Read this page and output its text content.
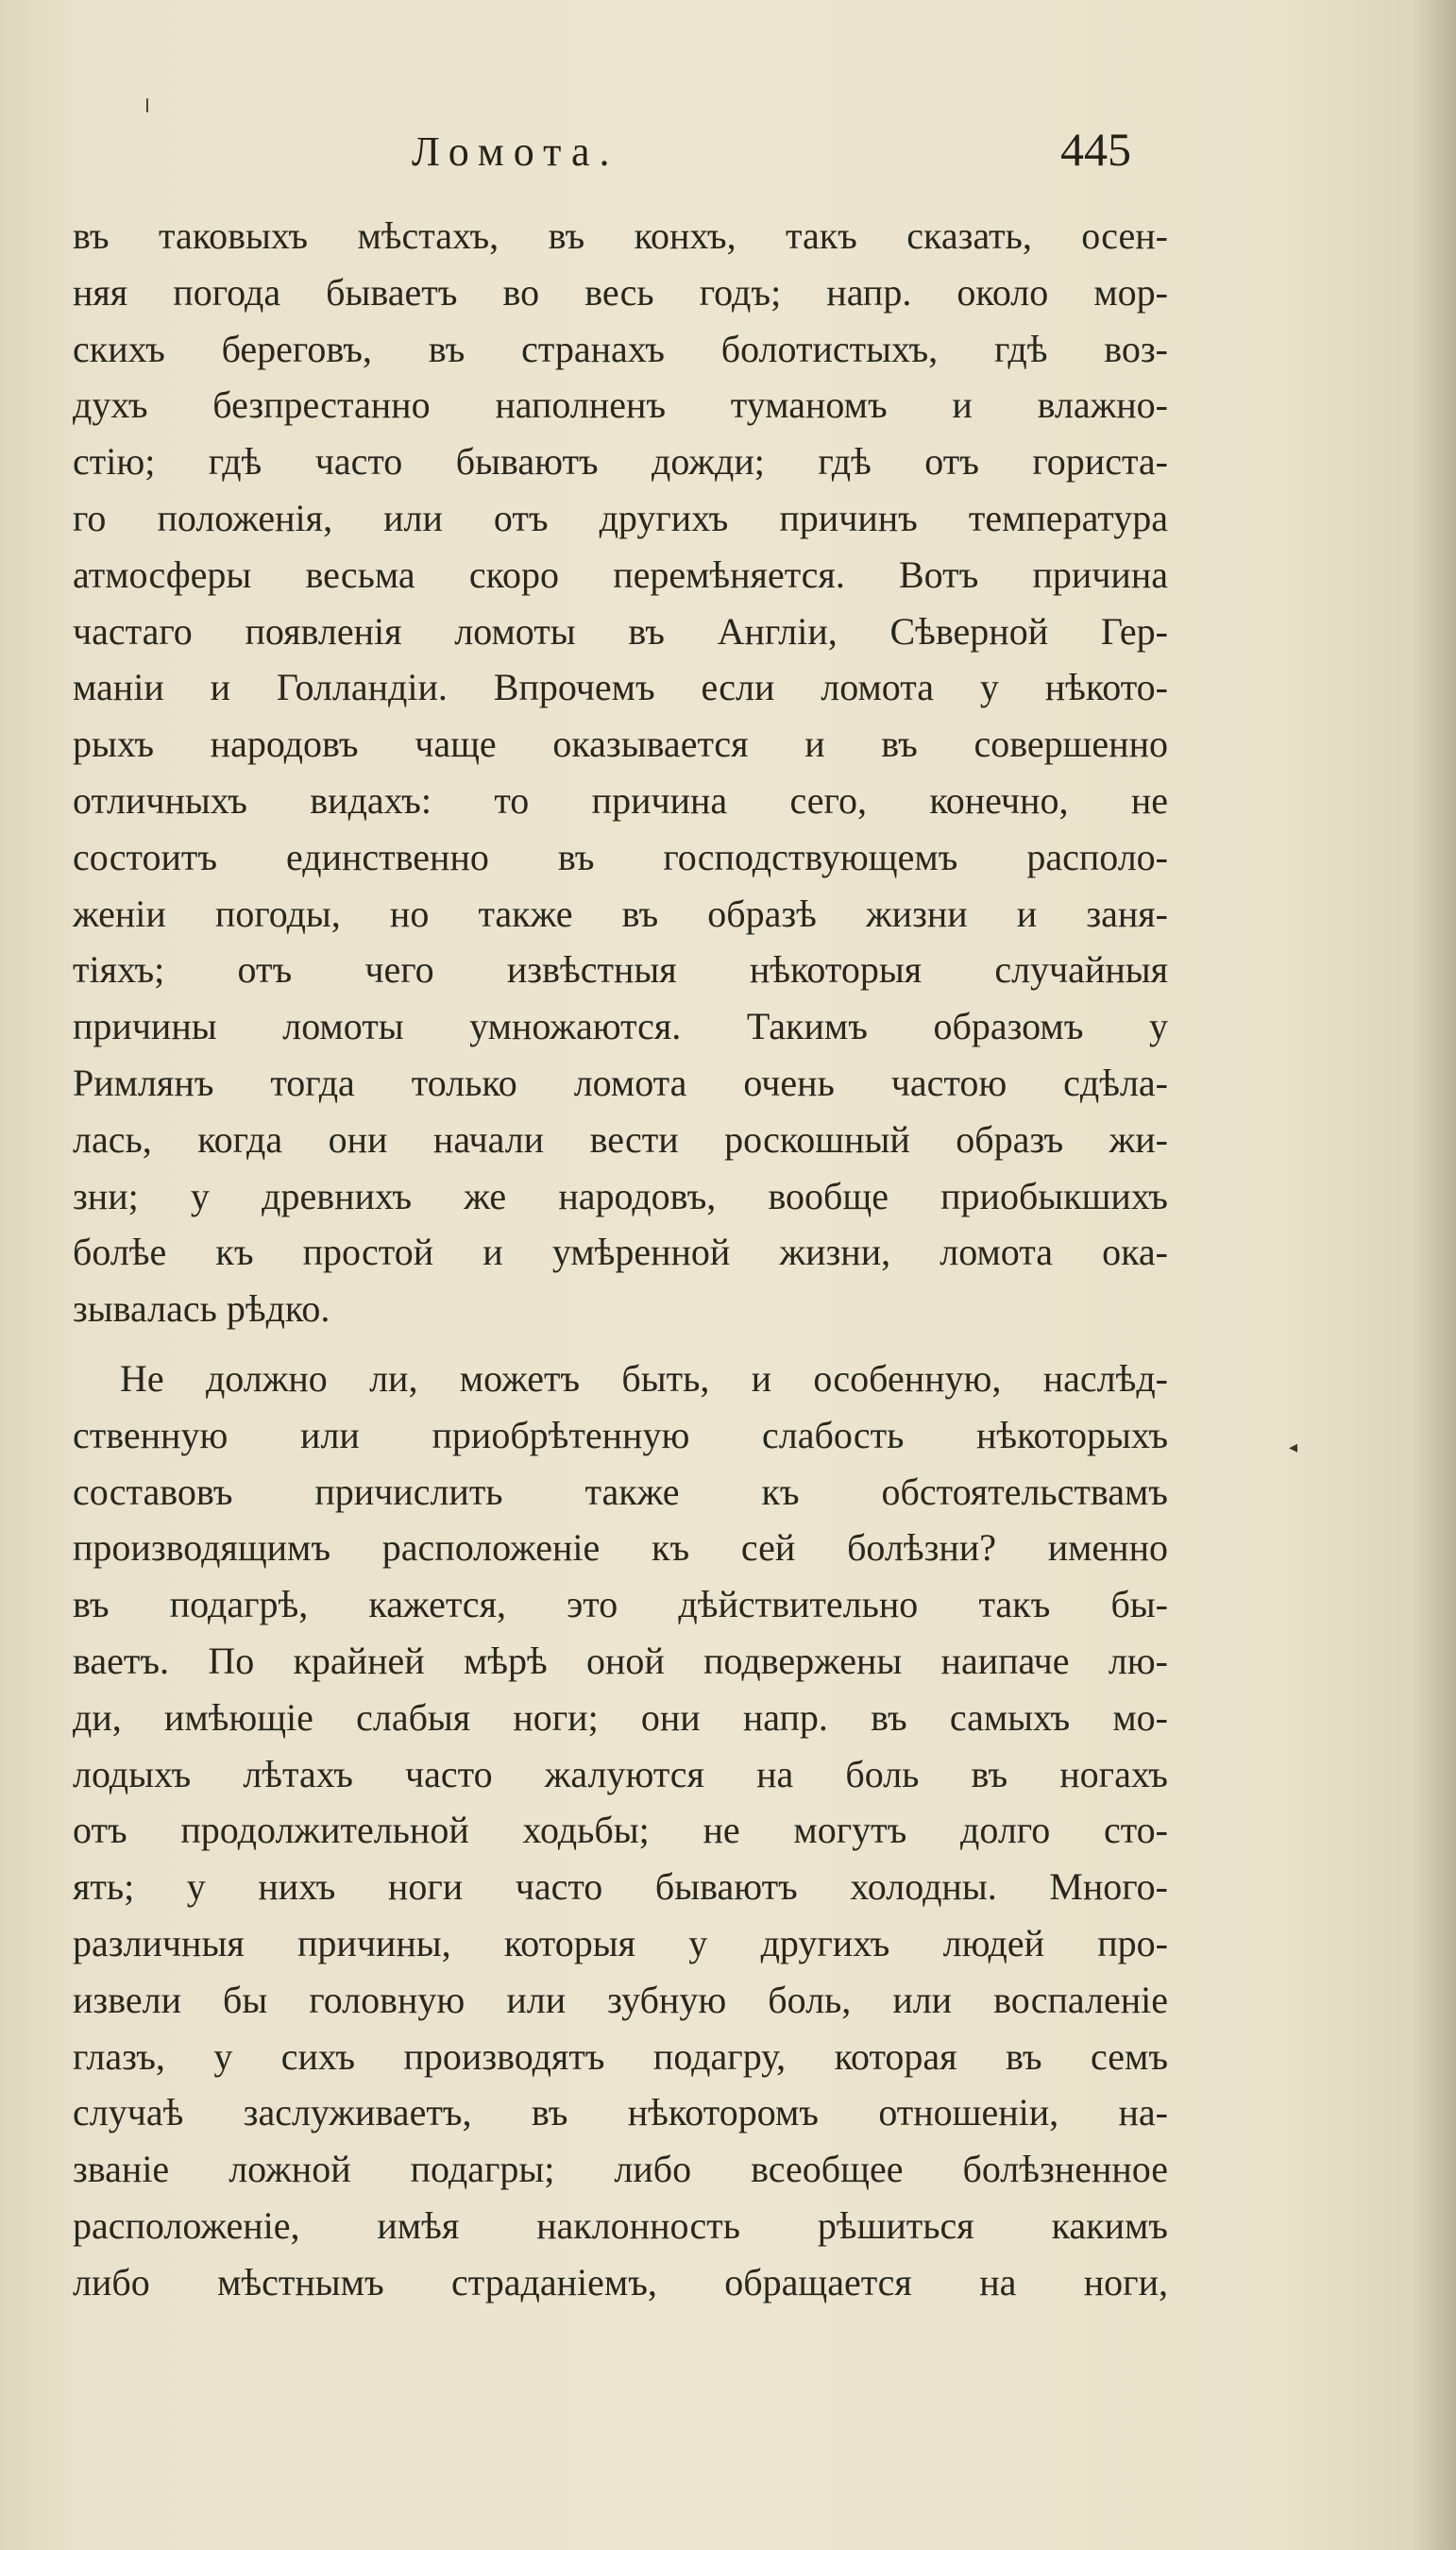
Ломота.	445
׀
◂
въ таковыхъ мѣстахъ, въ конхъ, такъ сказать, осен-
няя погода бываетъ во весь годъ; напр. около мор-
скихъ береговъ, въ странахъ болотистыхъ, гдѣ воз-
духъ безпрестанно наполненъ туманомъ и влажно-
стію; гдѣ часто бываютъ дожди; гдѣ отъ гориста-
го положенія, или отъ другихъ причинъ температура
атмосферы весьма скоро перемѣняется. Вотъ причина
частаго появленія ломоты въ Англіи, Сѣверной Гер-
маніи и Голландіи. Впрочемъ если ломота у нѣкото-
рыхъ народовъ чаще оказывается и въ совершенно
отличныхъ видахъ: то причина сего, конечно, не
состоитъ единственно въ господствующемъ располо-
женіи погоды, но также въ образѣ жизни и заня-
тіяхъ; отъ чего извѣстныя нѣкоторыя случайныя
причины ломоты умножаются. Такимъ образомъ у
Римлянъ тогда только ломота очень частою сдѣла-
лась, когда они начали вести роскошный образъ жи-
зни; у древнихъ же народовъ, вообще приобыкшихъ
болѣе къ простой и умѣренной жизни, ломота ока-
зывалась рѣдко.
Не должно ли, можетъ быть, и особенную, наслѣд-
ственную или приобрѣтенную слабость нѣкоторыхъ
составовъ причислить также къ обстоятельствамъ
производящимъ расположеніе къ сей болѣзни? именно
въ подагрѣ, кажется, это дѣйствительно такъ бы-
ваетъ. По крайней мѣрѣ оной подвержены наипаче лю-
ди, имѣющіе слабыя ноги; они напр. въ самыхъ мо-
лодыхъ лѣтахъ часто жалуются на боль въ ногахъ
отъ продолжительной ходьбы; не могутъ долго сто-
ять; у нихъ ноги часто бываютъ холодны. Много-
различныя причины, которыя у другихъ людей про-
извели бы головную или зубную боль, или воспаленіе
глазъ, у сихъ производятъ подагру, которая въ семъ
случаѣ заслуживаетъ, въ нѣкоторомъ отношеніи, на-
званіе ложной подагры; либо всеобщее болѣзненное
расположеніе, имѣя наклонность рѣшиться какимъ
либо мѣстнымъ страданіемъ, обращается на ноги,
